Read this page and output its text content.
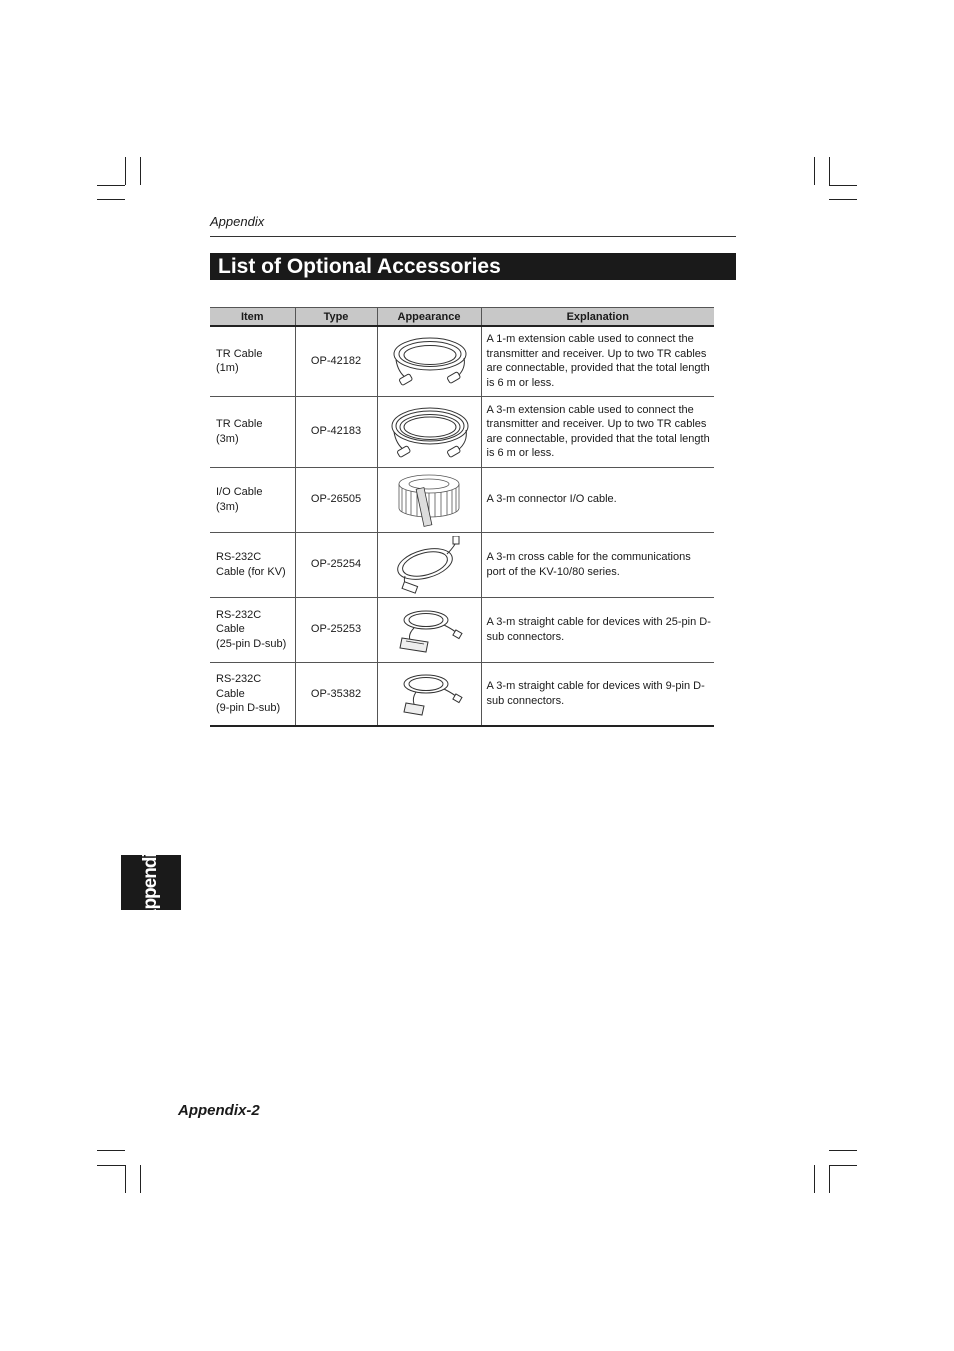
Appendix
List of Optional Accessories
Item	Type	Appearance	Explanation

TR Cable
(1m)	OP-42182		A 1-m extension cable used to connect the transmitter and receiver. Up to two TR cables are connectable, provided that the total length is 6 m or less.

TR Cable
(3m)	OP-42183		A 3-m extension cable used to connect the transmitter and receiver. Up to two TR cables are connectable, provided that the total length is 6 m or less.

I/O Cable
(3m)	OP-26505		A 3-m connector I/O cable.

RS-232C
Cable (for KV)	OP-25254		A 3-m cross cable for the communications port of the KV-10/80 series.

RS-232C
Cable
(25-pin D-sub)	OP-25253		A 3-m straight cable for devices with 25-pin D-sub connectors.

RS-232C
Cable
(9-pin D-sub)	OP-35382		A 3-m straight cable for devices with 9-pin D-sub connectors.
Appendix
Appendix-2
